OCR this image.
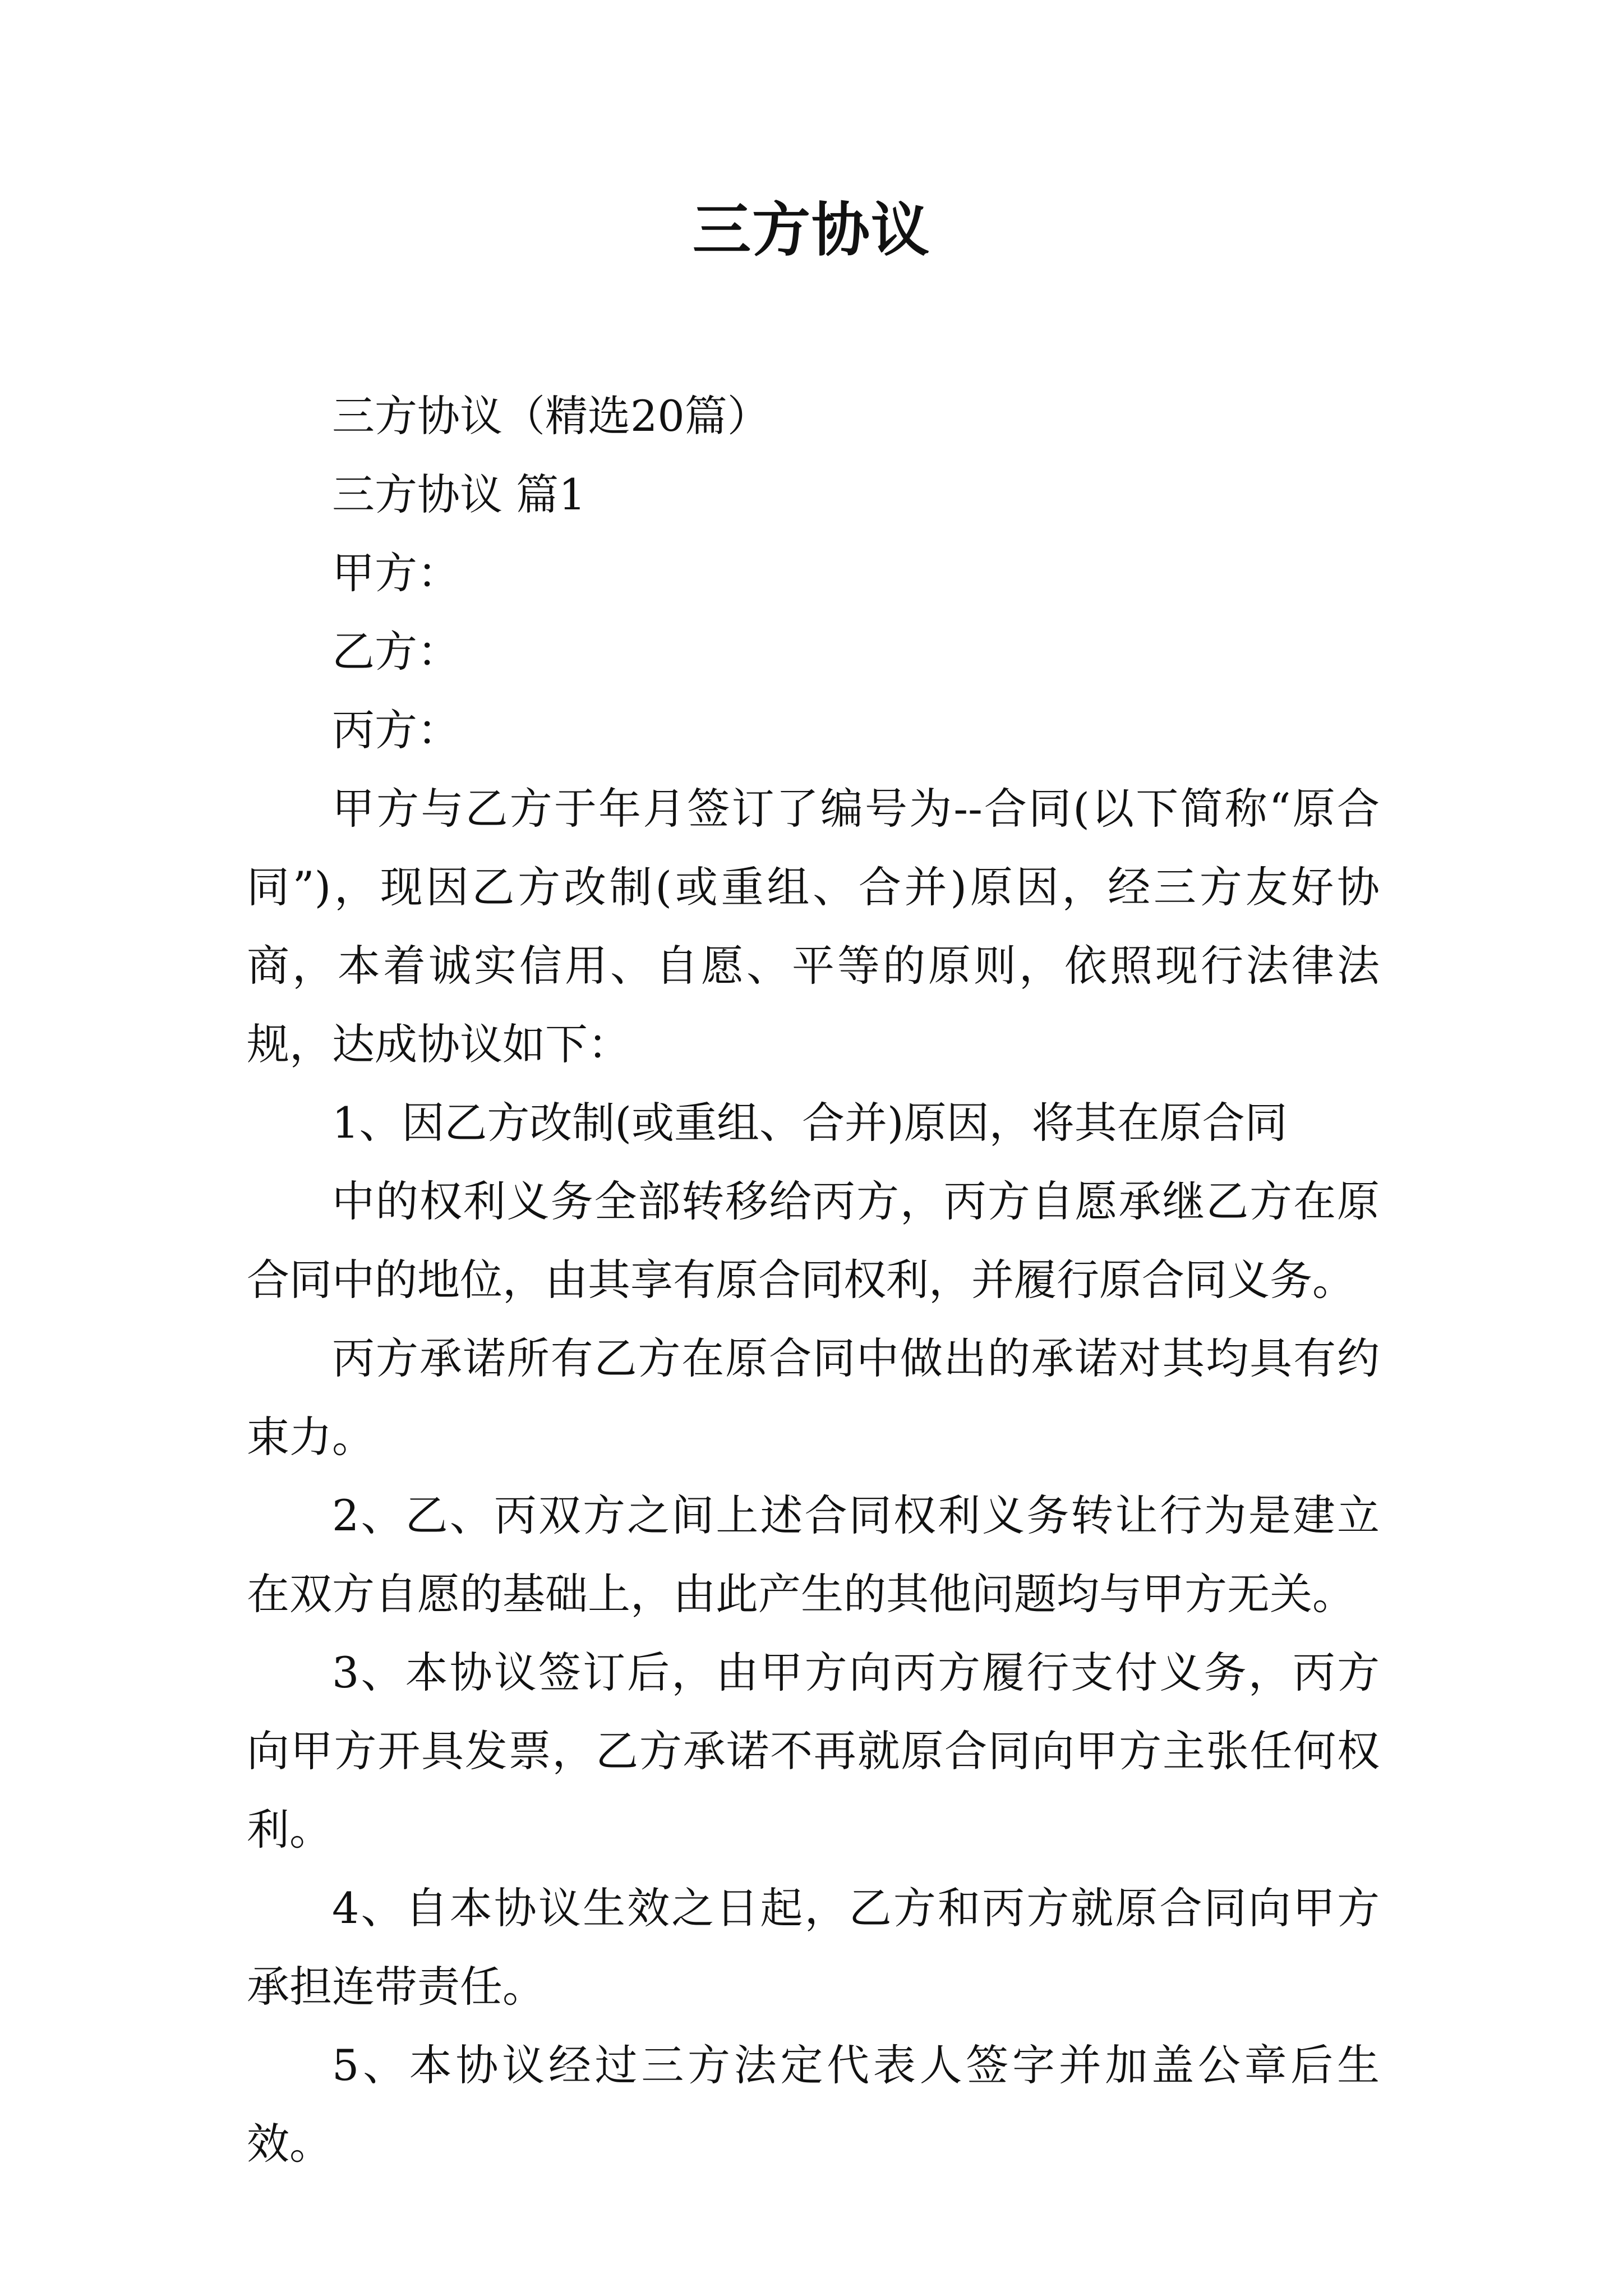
三方协议

三方协议（精选20篇）

三方协议 篇1

甲方：

乙方：

丙方：

甲方与乙方于年月签订了编号为--合同(以下简称“原合同”)，现因乙方改制(或重组、合并)原因，经三方友好协商，本着诚实信用、自愿、平等的原则，依照现行法律法规，达成协议如下：

1、因乙方改制(或重组、合并)原因，将其在原合同

中的权利义务全部转移给丙方，丙方自愿承继乙方在原合同中的地位，由其享有原合同权利，并履行原合同义务。

丙方承诺所有乙方在原合同中做出的承诺对其均具有约束力。

2、乙、丙双方之间上述合同权利义务转让行为是建立在双方自愿的基础上，由此产生的其他问题均与甲方无关。

3、本协议签订后，由甲方向丙方履行支付义务，丙方向甲方开具发票，乙方承诺不再就原合同向甲方主张任何权利。

4、自本协议生效之日起，乙方和丙方就原合同向甲方承担连带责任。

5、本协议经过三方法定代表人签字并加盖公章后生效。
